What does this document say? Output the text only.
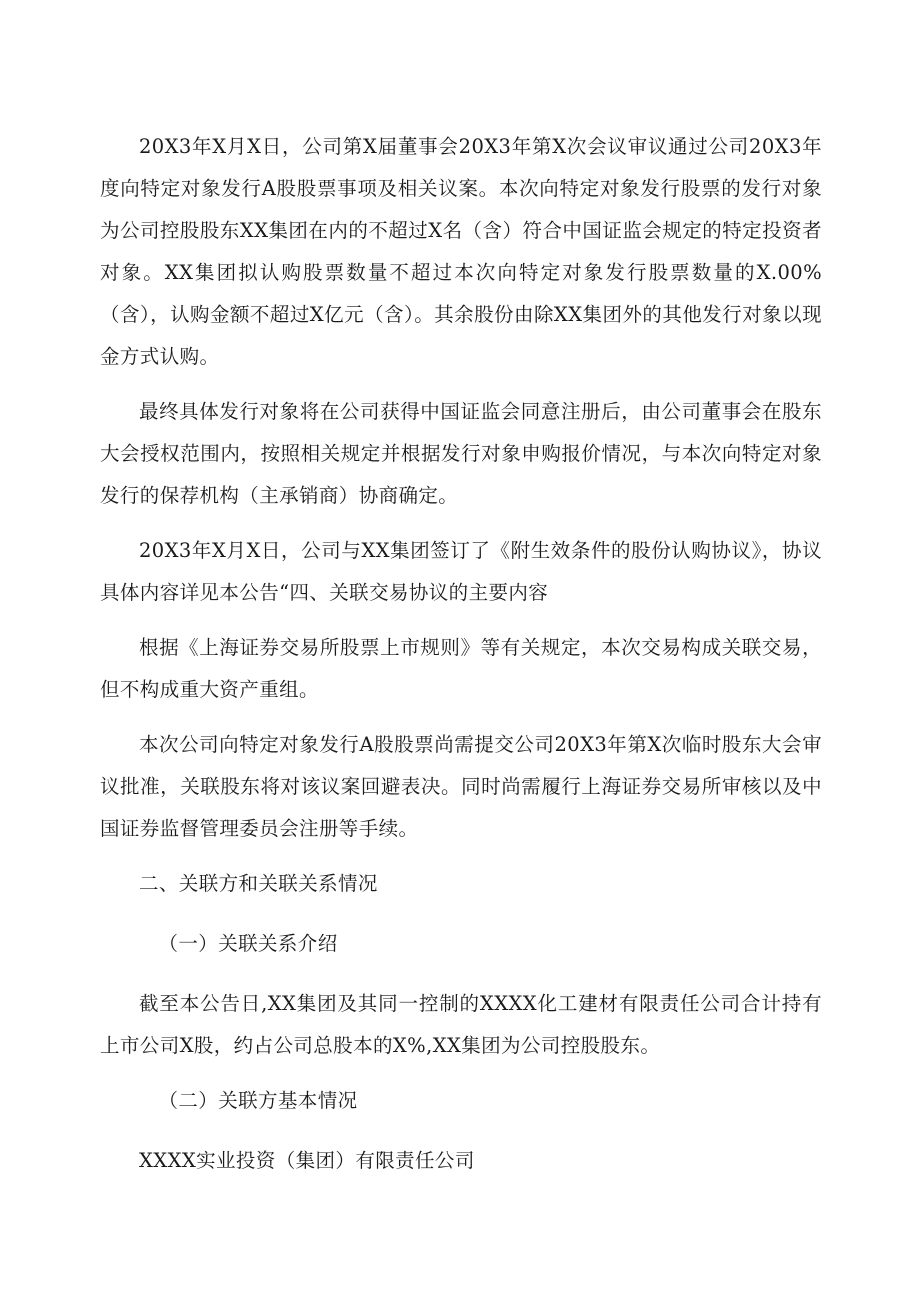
20X3年X月X日，公司第X届董事会20X3年第X次会议审议通过公司20X3年度向特定对象发行A股股票事项及相关议案。本次向特定对象发行股票的发行对象为公司控股股东XX集团在内的不超过X名（含）符合中国证监会规定的特定投资者对象。XX集团拟认购股票数量不超过本次向特定对象发行股票数量的X.00%（含），认购金额不超过X亿元（含）。其余股份由除XX集团外的其他发行对象以现金方式认购。

最终具体发行对象将在公司获得中国证监会同意注册后，由公司董事会在股东大会授权范围内，按照相关规定并根据发行对象申购报价情况，与本次向特定对象发行的保荐机构（主承销商）协商确定。

20X3年X月X日，公司与XX集团签订了《附生效条件的股份认购协议》，协议具体内容详见本公告“四、关联交易协议的主要内容

根据《上海证券交易所股票上市规则》等有关规定，本次交易构成关联交易，但不构成重大资产重组。

本次公司向特定对象发行A股股票尚需提交公司20X3年第X次临时股东大会审议批准，关联股东将对该议案回避表决。同时尚需履行上海证券交易所审核以及中国证券监督管理委员会注册等手续。

二、关联方和关联关系情况

（一）关联关系介绍

截至本公告日,XX集团及其同一控制的XXXX化工建材有限责任公司合计持有上市公司X股，约占公司总股本的X%,XX集团为公司控股股东。

（二）关联方基本情况

XXXX实业投资（集团）有限责任公司
